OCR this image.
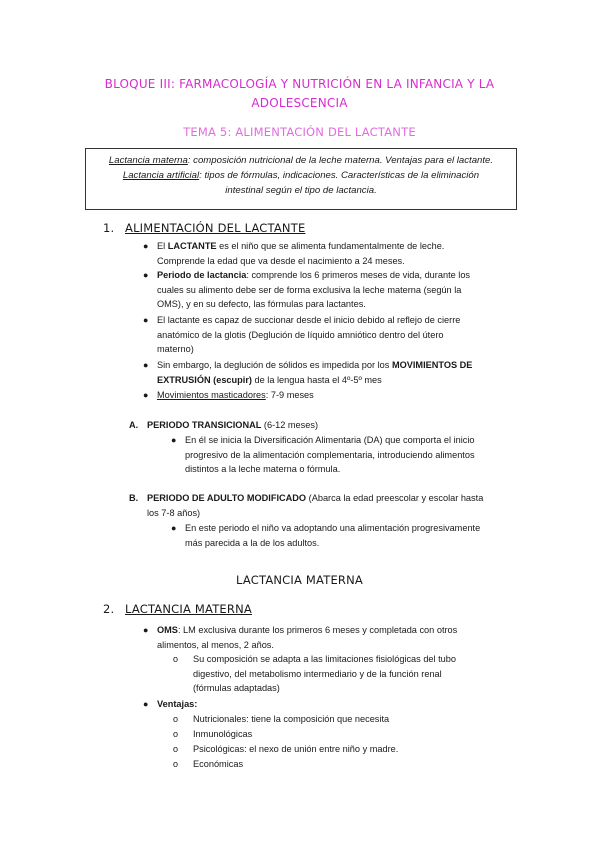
BLOQUE III: FARMACOLOGÍA Y NUTRICIÓN EN LA INFANCIA Y LA
ADOLESCENCIA
TEMA 5: ALIMENTACIÓN DEL LACTANTE
Lactancia materna: composición nutricional de la leche materna. Ventajas para el lactante.
Lactancia artificial: tipos de fórmulas, indicaciones. Características de la eliminación
intestinal según el tipo de lactancia.
1. ALIMENTACIÓN DEL LACTANTE
● El LACTANTE es el niño que se alimenta fundamentalmente de leche.
Comprende la edad que va desde el nacimiento a 24 meses.
● Periodo de lactancia: comprende los 6 primeros meses de vida, durante los
cuales su alimento debe ser de forma exclusiva la leche materna (según la
OMS), y en su defecto, las fórmulas para lactantes.
● El lactante es capaz de succionar desde el inicio debido al reflejo de cierre
anatómico de la glotis (Deglución de líquido amniótico dentro del útero
materno)
● Sin embargo, la deglución de sólidos es impedida por los MOVIMIENTOS DE
EXTRUSIÓN (escupir) de la lengua hasta el 4º-5º mes
● Movimientos masticadores: 7-9 meses
A. PERIODO TRANSICIONAL (6-12 meses)
● En él se inicia la Diversificación Alimentaria (DA) que comporta el inicio
progresivo de la alimentación complementaria, introduciendo alimentos
distintos a la leche materna o fórmula.
B. PERIODO DE ADULTO MODIFICADO (Abarca la edad preescolar y escolar hasta
los 7-8 años)
● En este periodo el niño va adoptando una alimentación progresivamente
más parecida a la de los adultos.
LACTANCIA MATERNA
2. LACTANCIA MATERNA
● OMS: LM exclusiva durante los primeros 6 meses y completada con otros
alimentos, al menos, 2 años.
o Su composición se adapta a las limitaciones fisiológicas del tubo
digestivo, del metabolismo intermediario y de la función renal
(fórmulas adaptadas)
● Ventajas:
o Nutricionales: tiene la composición que necesita
o Inmunológicas
o Psicológicas: el nexo de unión entre niño y madre.
o Económicas
